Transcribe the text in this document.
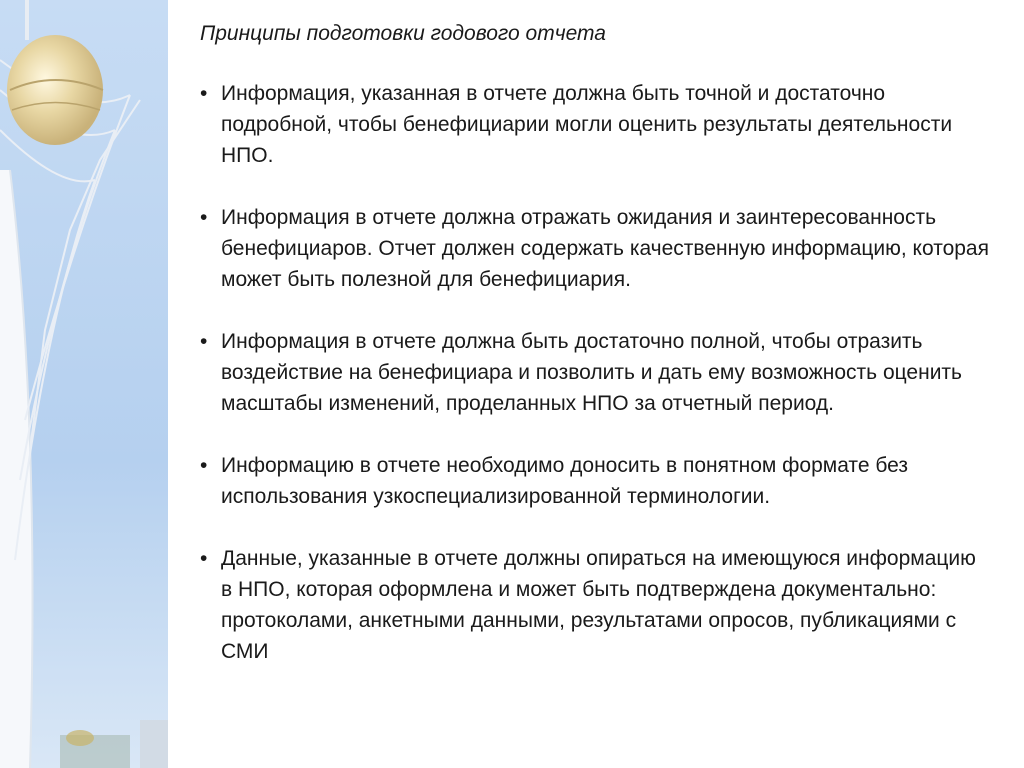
Принципы подготовки годового отчета
• Информация, указанная в отчете должна быть точной и достаточно подробной, чтобы бенефициарии могли оценить результаты деятельности НПО.
• Информация в отчете должна отражать ожидания и заинтересованность бенефициаров. Отчет должен содержать качественную информацию, которая может быть полезной для бенефициария.
• Информация в отчете должна быть достаточно полной, чтобы отразить воздействие на бенефициара и позволить и дать ему возможность оценить масштабы изменений, проделанных НПО за отчетный период.
• Информацию в отчете необходимо доносить в понятном формате без использования узкоспециализированной терминологии.
• Данные, указанные в отчете должны опираться на имеющуюся информацию в НПО, которая оформлена и может быть подтверждена документально: протоколами, анкетными данными, результатами опросов, публикациями с СМИ
